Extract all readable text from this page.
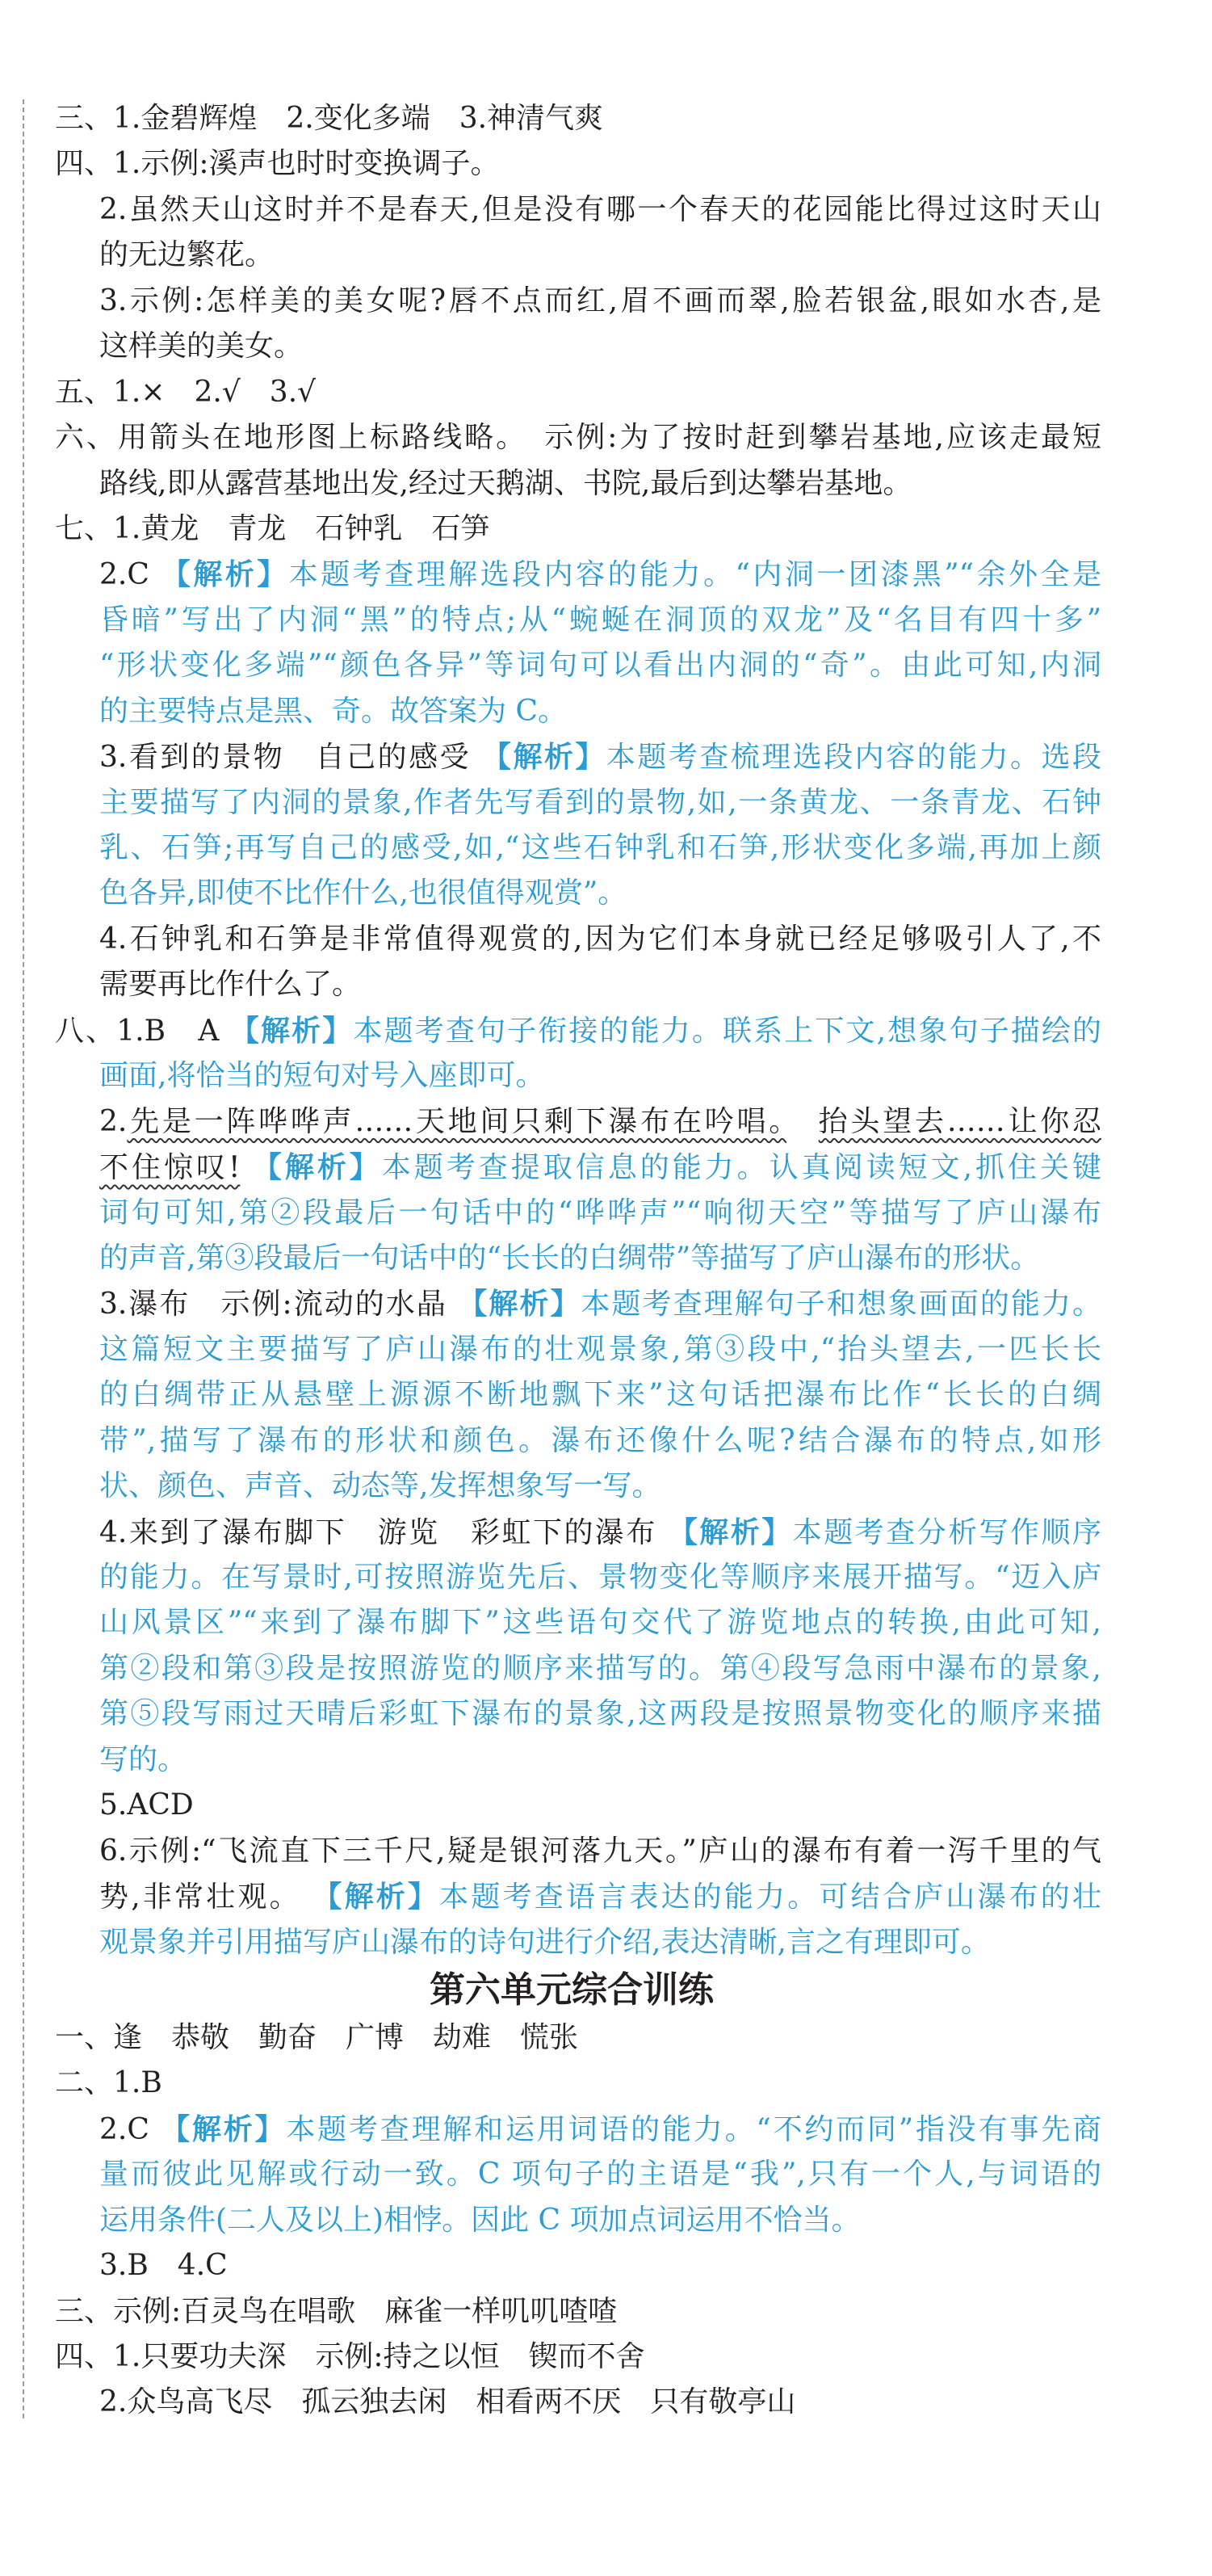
三、1.金碧辉煌　2.变化多端　3.神清气爽
四、1.示例:溪声也时时变换调子。
2.虽然天山这时并不是春天,但是没有哪一个春天的花园能比得过这时天山
的无边繁花。
3.示例:怎样美的美女呢?唇不点而红,眉不画而翠,脸若银盆,眼如水杏,是
这样美的美女。
五、1.×　2.√　3.√
六、用箭头在地形图上标路线略。　示例:为了按时赶到攀岩基地,应该走最短
路线,即从露营基地出发,经过天鹅湖、书院,最后到达攀岩基地。
七、1.黄龙　青龙　石钟乳　石笋
2.C 【解析】本题考查理解选段内容的能力。“内洞一团漆黑”“余外全是
昏暗”写出了内洞“黑”的特点;从“蜿蜒在洞顶的双龙”及“名目有四十多”
“形状变化多端”“颜色各异”等词句可以看出内洞的“奇”。由此可知,内洞
的主要特点是黑、奇。故答案为 C。
3.看到的景物　自己的感受 【解析】本题考查梳理选段内容的能力。选段
主要描写了内洞的景象,作者先写看到的景物,如,一条黄龙、一条青龙、石钟
乳、石笋;再写自己的感受,如,“这些石钟乳和石笋,形状变化多端,再加上颜
色各异,即使不比作什么,也很值得观赏”。
4.石钟乳和石笋是非常值得观赏的,因为它们本身就已经足够吸引人了,不
需要再比作什么了。
八、1.B　A 【解析】本题考查句子衔接的能力。联系上下文,想象句子描绘的
画面,将恰当的短句对号入座即可。
2.先是一阵哗哗声……天地间只剩下瀑布在吟唱。　 抬头望去……让你忍
不住惊叹! 【解析】本题考查提取信息的能力。认真阅读短文,抓住关键
词句可知,第②段最后一句话中的“哗哗声”“响彻天空”等描写了庐山瀑布
的声音,第③段最后一句话中的“长长的白绸带”等描写了庐山瀑布的形状。
3.瀑布　示例:流动的水晶 【解析】本题考查理解句子和想象画面的能力。
这篇短文主要描写了庐山瀑布的壮观景象,第③段中,“抬头望去,一匹长长
的白绸带正从悬壁上源源不断地飘下来”这句话把瀑布比作“长长的白绸
带”,描写了瀑布的形状和颜色。瀑布还像什么呢?结合瀑布的特点,如形
状、颜色、声音、动态等,发挥想象写一写。
4.来到了瀑布脚下　游览　彩虹下的瀑布 【解析】本题考查分析写作顺序
的能力。在写景时,可按照游览先后、景物变化等顺序来展开描写。“迈入庐
山风景区”“来到了瀑布脚下”这些语句交代了游览地点的转换,由此可知,
第②段和第③段是按照游览的顺序来描写的。第④段写急雨中瀑布的景象,
第⑤段写雨过天晴后彩虹下瀑布的景象,这两段是按照景物变化的顺序来描
写的。
5.ACD
6.示例:“飞流直下三千尺,疑是银河落九天。”庐山的瀑布有着一泻千里的气
势,非常壮观。 【解析】本题考查语言表达的能力。可结合庐山瀑布的壮
观景象并引用描写庐山瀑布的诗句进行介绍,表达清晰,言之有理即可。
第六单元综合训练
一、逢　恭敬　勤奋　广博　劫难　慌张
二、1.B
2.C 【解析】本题考查理解和运用词语的能力。“不约而同”指没有事先商
量而彼此见解或行动一致。C 项句子的主语是“我”,只有一个人,与词语的
运用条件(二人及以上)相悖。因此 C 项加点词运用不恰当。
3.B　4.C
三、示例:百灵鸟在唱歌　麻雀一样叽叽喳喳
四、1.只要功夫深　示例:持之以恒　锲而不舍
2.众鸟高飞尽　孤云独去闲　相看两不厌　只有敬亭山
